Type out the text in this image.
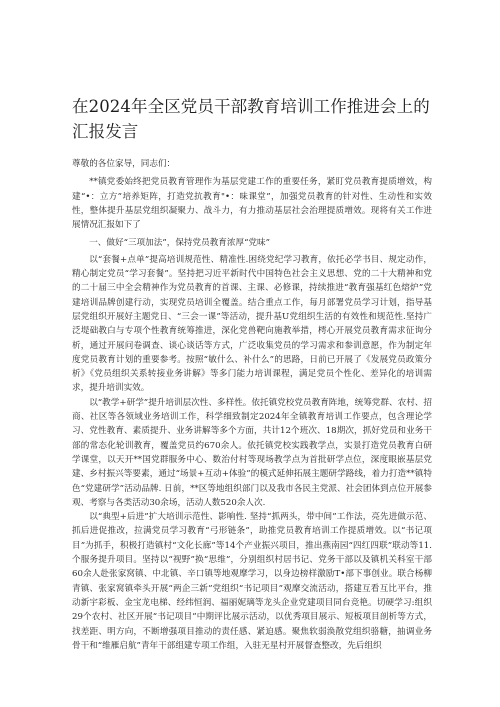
在2024年全区党员干部教育培训工作推进会上的汇报发言

尊敬的各位家导，同志们：

**镇党委始终把党员教育管理作为基层党建工作的重要任务，紧盯党员教育提质增效，构建“•：立方”培养矩阵，打造党抗教育"•：味课堂”，加强党员教育的针对性、生动性和实效性，整体提升基层党组织凝聚力、战斗力，有力推动基层社会治理提质增效。现将有关工作进展情况汇报如下了

一、做好“三项加法”，保持党员教育浓厚“党味”

以“套餐+点单”提高培训规范性、精准性.困绕党纪学习教育，依托必学书目、规定动作，精心制定党员“学习套餐”。坚持把习近平新时代中国特色社会主义思想、党的二十大精神和党的二十届三中全会精神作为党员教育的首课、主课、必修课，持续推进“教育强基红色熔炉”党建培训品牌创建行动，实现党员培训全覆盖。结合重点工作，每月部署党员学习计划，指导基层党组织开展好主题党日、“三会一课”等活动，提升基U党组织生活的有效性和规范性.坚持广泛堤础教白与专项个性教育统筹推进，深化党兽靶向施教举措，樗心开展党员教育需求征询分析，通过开展问卷调查、谈心谈话等方式，广泛收集党员的学习需求和参训意愿，作为制定年度党员教育计划的重要参考。按照“敏什么、补什么”的思路，日前已开展了《发展党员政策分析》《党员组织关系转接业务讲解》等多门能力培训课程，满足党员个性化、差异化的培训需求，提升培训实效。

以“教学+研学”提升培训层次性、多样性。依托镇党校党员教育阵地，统筹党群、农村、招商、社区等各领域业务培训工作，科学细致制定2024年全镇教育培训工作要点，包含理论学习、党性教育、素质提升、业务讲解等多个方面，共计12个班次、18期次，抓好党员和业务干部的常态化轮训教育，覆盖党员约670余人。依托镇党校实践教学点，实景打造党员教育白研学课堂，以天开**国党群服务中心、数治付村等现场教学点为首批研学点位，深度眼嵌基层党建、乡村振兴等要素，通过“场景+互动+体验”的模式延伸拓展主题研学路线，着力打造**镇特色“党建研学”活动品牌. 日前，**区等地组织部门以及我市各民主党派、社会团体到点位开展参观、考察与各类活动30余场，活动人数520余人次.

以“典型+后进”扩大培训示范性、影响性. 坚持“抓两头，带中间”工作法，亮先进做示范、抓后进促推改，拉满党员学习教育“弓形链条”，助推党员教育培训工作提质增效。以“书记项目”为抓手，积极打造镇村“文化长廊”等14个产业振兴项目，推出燕南园“四红四联”联动等11. 个服务提升项目。坚持以“视野”换“思维”，分别组织村居书记、党务干部以及镇机关科室干部60余人赴张家窝镇、中北镇、辛口镇等地观摩学习，以身边榜样激励T•部下事创业。联合杨柳青镇、张家窝镇牵头开展“两企三新”党组织“书记项目”观摩交流活动，搭建互看互比平台，推动新宇彩板、金宝龙电梯、经纬恒润、福丽妮璃等龙头企业党建项目同台竞艳。切硬学习:组织29个农村、社区开展“书记项目”中期评比展示活动，以优秀项目展示、短板项目剖析等方式，找差距、明方向，不断增强项目推动的责任感、紧迫感。聚焦软弱涣散党组织骆糖，抽调业务骨干和“维雁启航”青年干部组建专项工作组，入驻无星村开展督查整改，先后组织
